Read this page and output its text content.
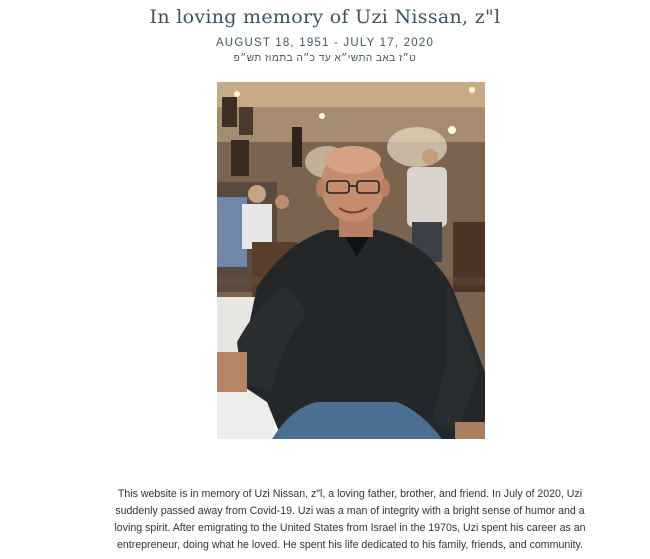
In loving memory of Uzi Nissan, z"l
AUGUST 18, 1951 - JULY 17, 2020
ט״ז באב התשי״א עד כ״ה בתמוז תש״פ
This website is in memory of Uzi Nissan, z"l, a loving father, brother, and friend. In July of 2020, Uzi
suddenly passed away from Covid-19. Uzi was a man of integrity with a bright sense of humor and a
loving spirit. After emigrating to the United States from Israel in the 1970s, Uzi spent his career as an
entrepreneur, doing what he loved. He spent his life dedicated to his family, friends, and community.
